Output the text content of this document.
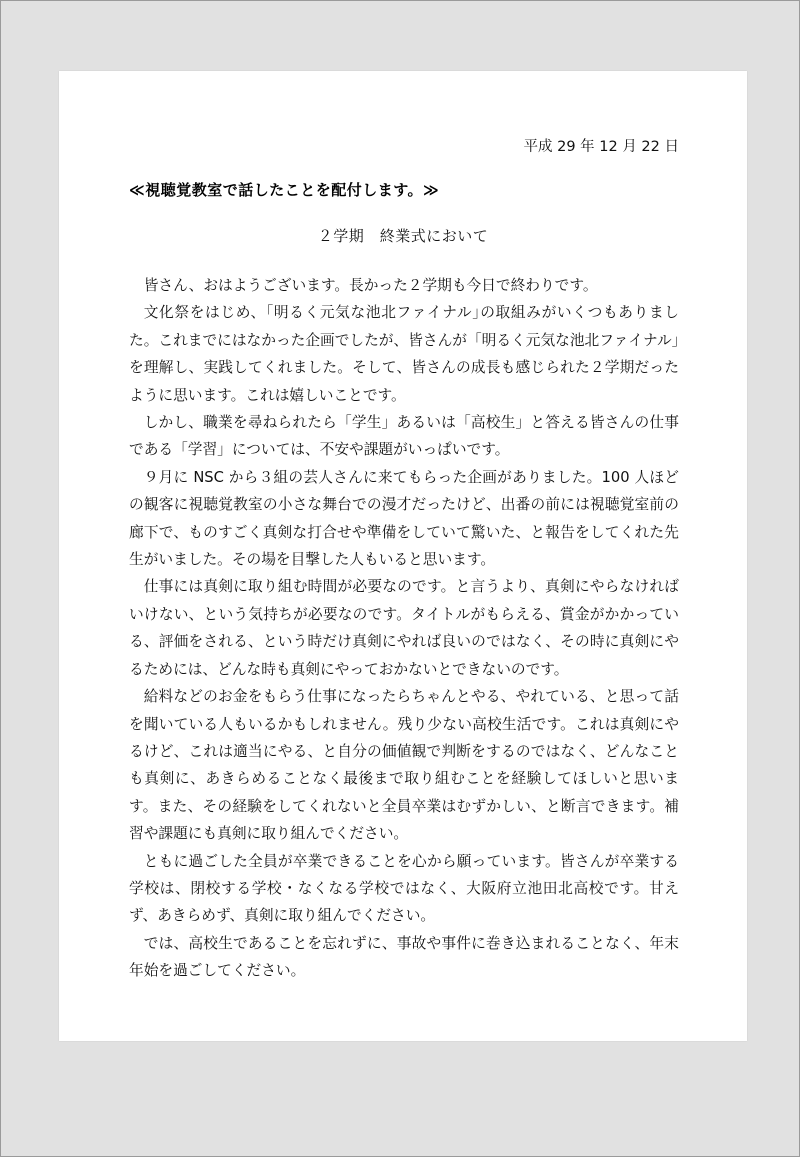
平成 29 年 12 月 22 日
≪視聴覚教室で話したことを配付します。≫
２学期　終業式において

皆さん、おはようございます。長かった２学期も今日で終わりです。

文化祭をはじめ、｢明るく元気な池北ファイナル｣の取組みがいくつもありました。これまでにはなかった企画でしたが、皆さんが「明るく元気な池北ファイナル」を理解し、実践してくれました。そして、皆さんの成長も感じられた２学期だったように思います。これは嬉しいことです。

しかし、職業を尋ねられたら「学生」あるいは「高校生」と答える皆さんの仕事である「学習」については、不安や課題がいっぱいです。

９月に NSC から３組の芸人さんに来てもらった企画がありました。100 人ほどの観客に視聴覚教室の小さな舞台での漫才だったけど、出番の前には視聴覚室前の廊下で、ものすごく真剣な打合せや準備をしていて驚いた、と報告をしてくれた先生がいました。その場を目撃した人もいると思います。

仕事には真剣に取り組む時間が必要なのです。と言うより、真剣にやらなければいけない、という気持ちが必要なのです。タイトルがもらえる、賞金がかかっている、評価をされる、という時だけ真剣にやれば良いのではなく、その時に真剣にやるためには、どんな時も真剣にやっておかないとできないのです。

給料などのお金をもらう仕事になったらちゃんとやる、やれている、と思って話を聞いている人もいるかもしれません。残り少ない高校生活です。これは真剣にやるけど、これは適当にやる、と自分の価値観で判断をするのではなく、どんなことも真剣に、あきらめることなく最後まで取り組むことを経験してほしいと思います。また、その経験をしてくれないと全員卒業はむずかしい、と断言できます。補習や課題にも真剣に取り組んでください。

ともに過ごした全員が卒業できることを心から願っています。皆さんが卒業する学校は、閉校する学校・なくなる学校ではなく、大阪府立池田北高校です。甘えず、あきらめず、真剣に取り組んでください。

では、高校生であることを忘れずに、事故や事件に巻き込まれることなく、年末年始を過ごしてください。
